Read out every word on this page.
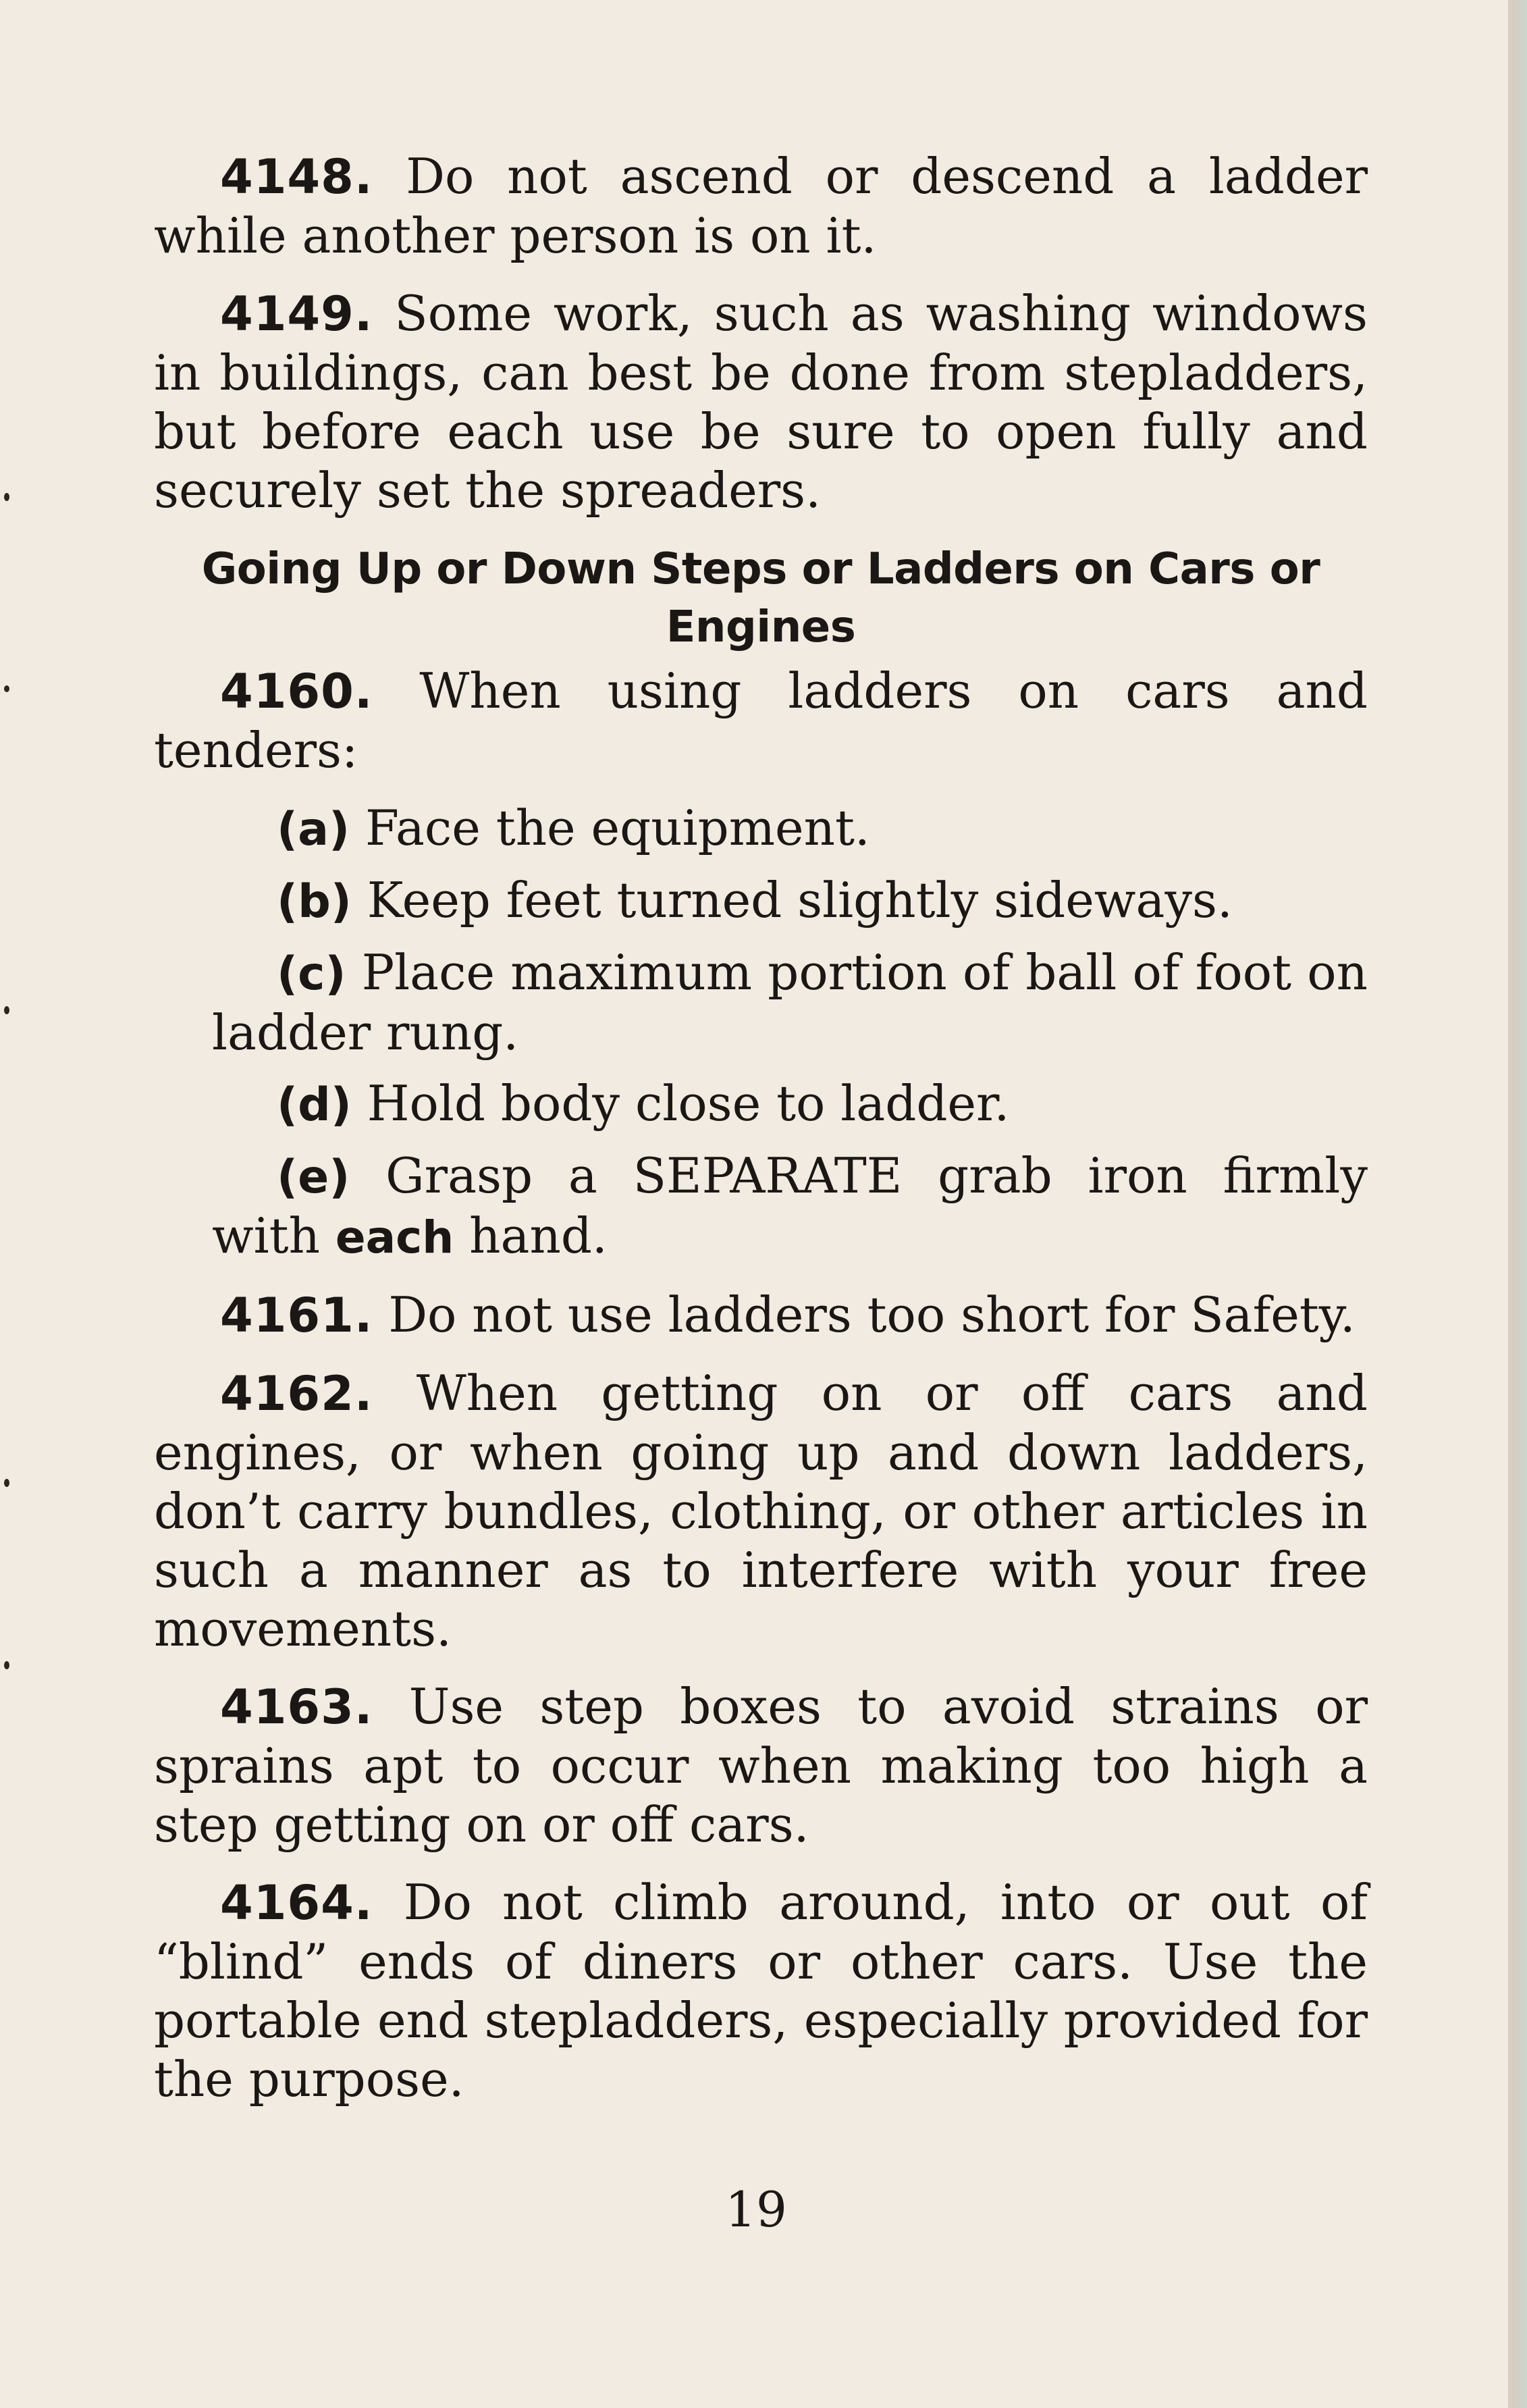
4148. Do not ascend or descend a ladder while another person is on it.

4149. Some work, such as washing windows in buildings, can best be done from stepladders, but before each use be sure to open fully and securely set the spreaders.

Going Up or Down Steps or Ladders on Cars or Engines

4160. When using ladders on cars and tenders:

(a) Face the equipment.

(b) Keep feet turned slightly sideways.

(c) Place maximum portion of ball of foot on ladder rung.

(d) Hold body close to ladder.

(e) Grasp a SEPARATE grab iron firmly with each hand.

4161. Do not use ladders too short for Safety.

4162. When getting on or off cars and engines, or when going up and down ladders, don’t carry bundles, clothing, or other articles in such a manner as to interfere with your free movements.

4163. Use step boxes to avoid strains or sprains apt to occur when making too high a step getting on or off cars.

4164. Do not climb around, into or out of “blind” ends of diners or other cars. Use the portable end stepladders, especially provided for the purpose.

19
